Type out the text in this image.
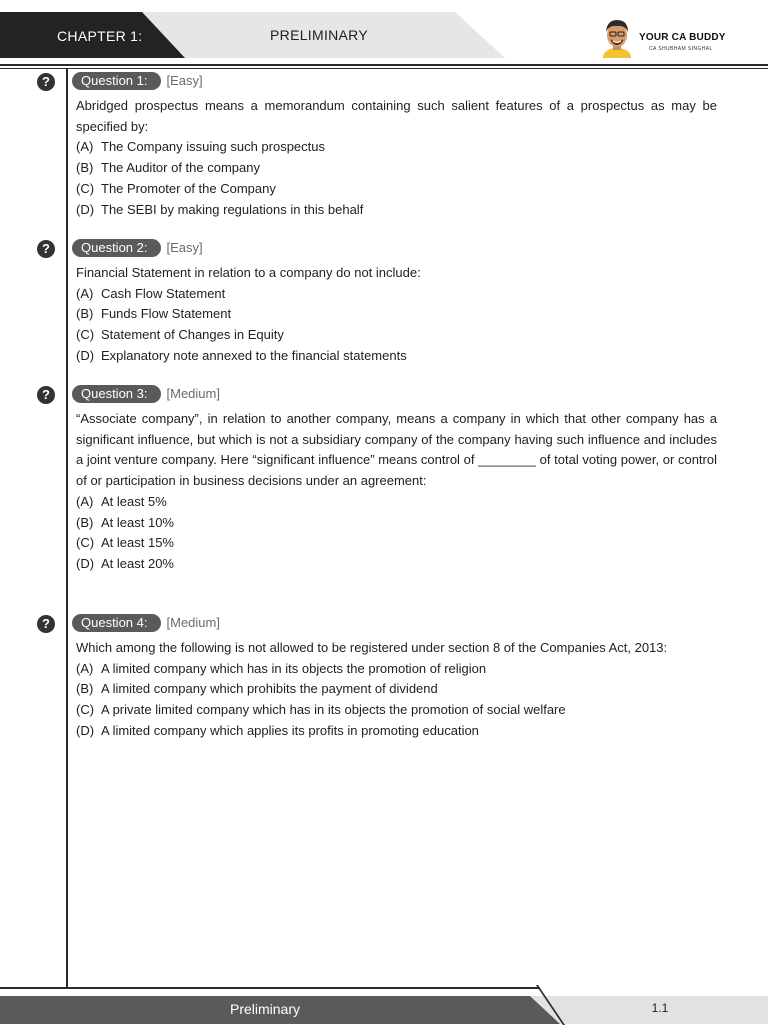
CHAPTER 1:	PRELIMINARY	YOUR CA BUDDY
CA SHUBHAM SINGHAL
?	Question 1: [Easy]
Abridged prospectus means a memorandum containing such salient features of a prospectus as may be specified by:
(A) The Company issuing such prospectus
(B) The Auditor of the company
(C) The Promoter of the Company
(D) The SEBI by making regulations in this behalf
?	Question 2: [Easy]
Financial Statement in relation to a company do not include:
(A) Cash Flow Statement
(B) Funds Flow Statement
(C) Statement of Changes in Equity
(D) Explanatory note annexed to the financial statements
?	Question 3: [Medium]
“Associate company”, in relation to another company, means a company in which that other company has a significant influence, but which is not a subsidiary company of the company having such influence and includes a joint venture company. Here “significant influence” means control of ________ of total voting power, or control of or participation in business decisions under an agreement:
(A) At least 5%
(B) At least 10%
(C) At least 15%
(D) At least 20%
?	Question 4: [Medium]
Which among the following is not allowed to be registered under section 8 of the Companies Act, 2013:
(A) A limited company which has in its objects the promotion of religion
(B) A limited company which prohibits the payment of dividend
(C) A private limited company which has in its objects the promotion of social welfare
(D) A limited company which applies its profits in promoting education
Preliminary	1.1
